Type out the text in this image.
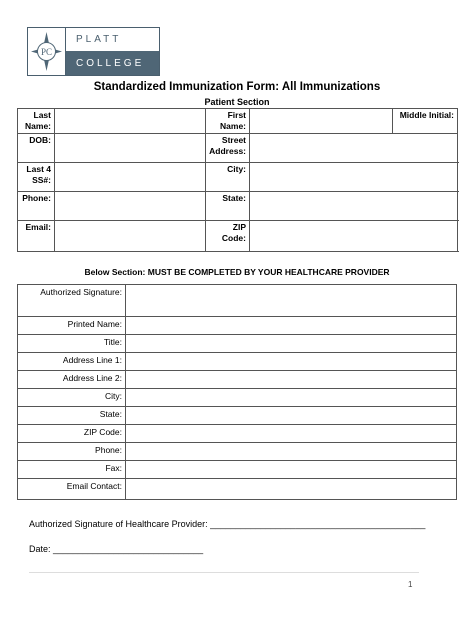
PC
PLATT
COLLEGE
Standardized Immunization Form: All Immunizations
Patient Section
Last Name:		First Name:		Middle Initial:	
DOB:		Street Address:			
Last 4 SS#:		City:			
Phone:		State:			
Email:		ZIP Code:			
Below Section: MUST BE COMPLETED BY YOUR HEALTHCARE PROVIDER
Authorized Signature:	
Printed Name:	
Title:	
Address Line 1:	
Address Line 2:	
City:	
State:	
ZIP Code:	
Phone:	
Fax:	
Email Contact:	
Authorized Signature of Healthcare Provider: ___________________________________________
Date: ______________________________
1
